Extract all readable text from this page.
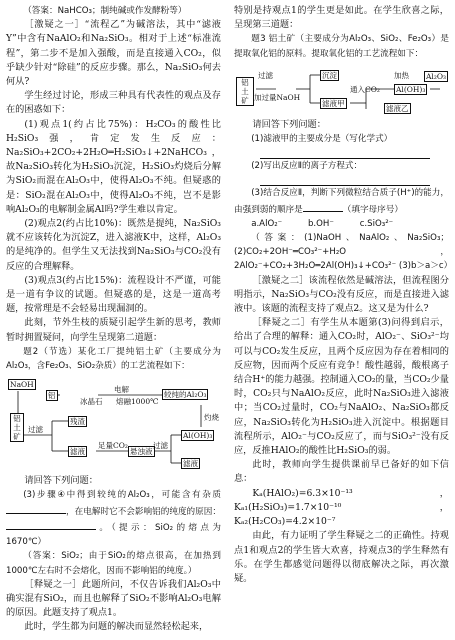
（答案：NaHCO₃；制纯碱或作发酵粉等）

［激疑之一］“流程乙”为碱溶法，其中“滤液Y”中含有NaAlO₂和Na₂SiO₃。相对于上述“标准流程”，第二步不是加入强酸，而是直接通入CO₂，似乎缺少针对“除硅”的反应步骤。那么，Na₂SiO₃何去何从?

学生经过讨论，形成三种具有代表性的观点及存在的困惑如下：

(1)观点1(约占比75%)：H₂CO₃的酸性比H₂SiO₃强，肯定发生反应：Na₂SiO₃+2CO₂+2H₂O═H₂SiO₃↓+2NaHCO₃，故Na₂SiO₃转化为H₂SiO₃沉淀，H₂SiO₃灼烧后分解为SiO₂而混在Al₂O₃中，使得Al₂O₃不纯。但疑惑的是：SiO₂混在Al₂O₃中，使得Al₂O₃不纯，岂不是影响Al₂O₃的电解制金属Al吗?学生难以肯定。

(2)观点2(约占比10%)：既然是提纯，Na₂SiO₃就不应该转化为沉淀Z，进入滤液K中，这样，Al₂O₃的是纯净的。但学生又无法找到Na₂SiO₃与CO₂没有反应的合理解释。

(3)观点3(约占比15%)：流程设计不严谨，可能是一道有争议的试题。但疑惑的是，这是一道高考题，按常理是不会轻易出现漏洞的。

此刻，节外生枝的质疑引起学生新的思考，教师暂时拥置疑问，向学生呈现第二道题：

题2（节选）某化工厂提纯铝土矿（主要成分为Al₂O₃，含Fe₂O₃、SiO₂杂质）的工艺流程如下：

NaOH
铝土矿
过滤
残渣
滤液
足量CO₂
悬浊液
过滤
Al(OH)₃
滤液
灼烧
较纯的Al₂O₃
电解
冰晶石 熔融1000℃
铝

请回答下列问题：

(3)步骤④中得到较纯的Al₂O₃，可能含有杂质，在电解时它不会影响铝的纯度的原因：。（提示：SiO₂的熔点为1670℃）

（答案：SiO₂；由于SiO₂的熔点很高，在加热到1000℃左右时不会熔化，因而不影响铝的纯度。）

［释疑之一］此题所问，不仅告诉我们Al₂O₃中确实混有SiO₂，而且也解释了SiO₂不影响Al₂O₃电解的原因。此题支持了观点1。

此时，学生都为问题的解决而显然轻松起来，

特别是持观点1的学生更是如此。在学生欣喜之际，呈现第三道题：

题3 铝土矿（主要成分为Al₂O₃、SiO₂、Fe₂O₃）是提取氧化铝的原料。提取氧化铝的工艺流程如下：

铝土矿
过滤
加过量NaOH
沉淀
滤液甲
通入CO₂ Al(OH)₃
加热 Al₂O₃
滤液乙

请回答下列问题：

(1)滤液甲的主要成分是（写化学式）

(2)写出反应Ⅱ的离子方程式：

(3)结合反应Ⅱ，判断下列微粒结合质子(H⁺)的能力，由强到弱的顺序是	（填字母序号）

a.AlO₂⁻　　　b.OH⁻　　　c.SiO₃²⁻

（答案：(1)NaOH、NaAlO₂、Na₂SiO₃；(2)CO₂+2OH⁻═CO₃²⁻+H₂O，2AlO₂⁻+CO₂+3H₂O═2Al(OH)₃↓+CO₃²⁻ (3)b＞a＞c）

［激疑之二］该流程依然是碱溶法，但流程图分明指示，Na₂SiO₃与CO₂没有反应，而是直接进入滤液中。该题的流程支持了观点2。这又是为什么?

［释疑之二］有学生从本题第(3)问得到启示，给出了合理的解释：通入CO₂时，AlO₂⁻、SiO₃²⁻均可以与CO₂发生反应，且两个反应因为存在着相同的反应物，因而两个反应有竞争！酸性越弱，酸根离子结合H⁺的能力越强。控制通入CO₂的量，当CO₂少量时，CO₂只与NaAlO₂反应，此时Na₂SiO₃进入滤液中；当CO₂过量时，CO₂与NaAlO₂、Na₂SiO₃都反应，Na₂SiO₃转化为H₂SiO₃进入沉淀中。根据题目流程所示，AlO₂⁻与CO₂反应了，而与SiO₃²⁻没有反应，反推HAlO₂的酸性比H₂SiO₃的弱。

此时，教师向学生提供课前早已备好的如下信息：

Kₐ(HAlO₂)=6.3×10⁻¹³，Kₐ₁(H₂SiO₃)=1.7×10⁻¹⁰，Kₐ₂(H₂CO₃)=4.2×10⁻⁷

由此，有力证明了学生释疑之二的正确性。持观点1和观点2的学生皆大欢喜，持观点3的学生释然有乐。在学生都感觉问题得以彻底解决之际，再次激疑。
